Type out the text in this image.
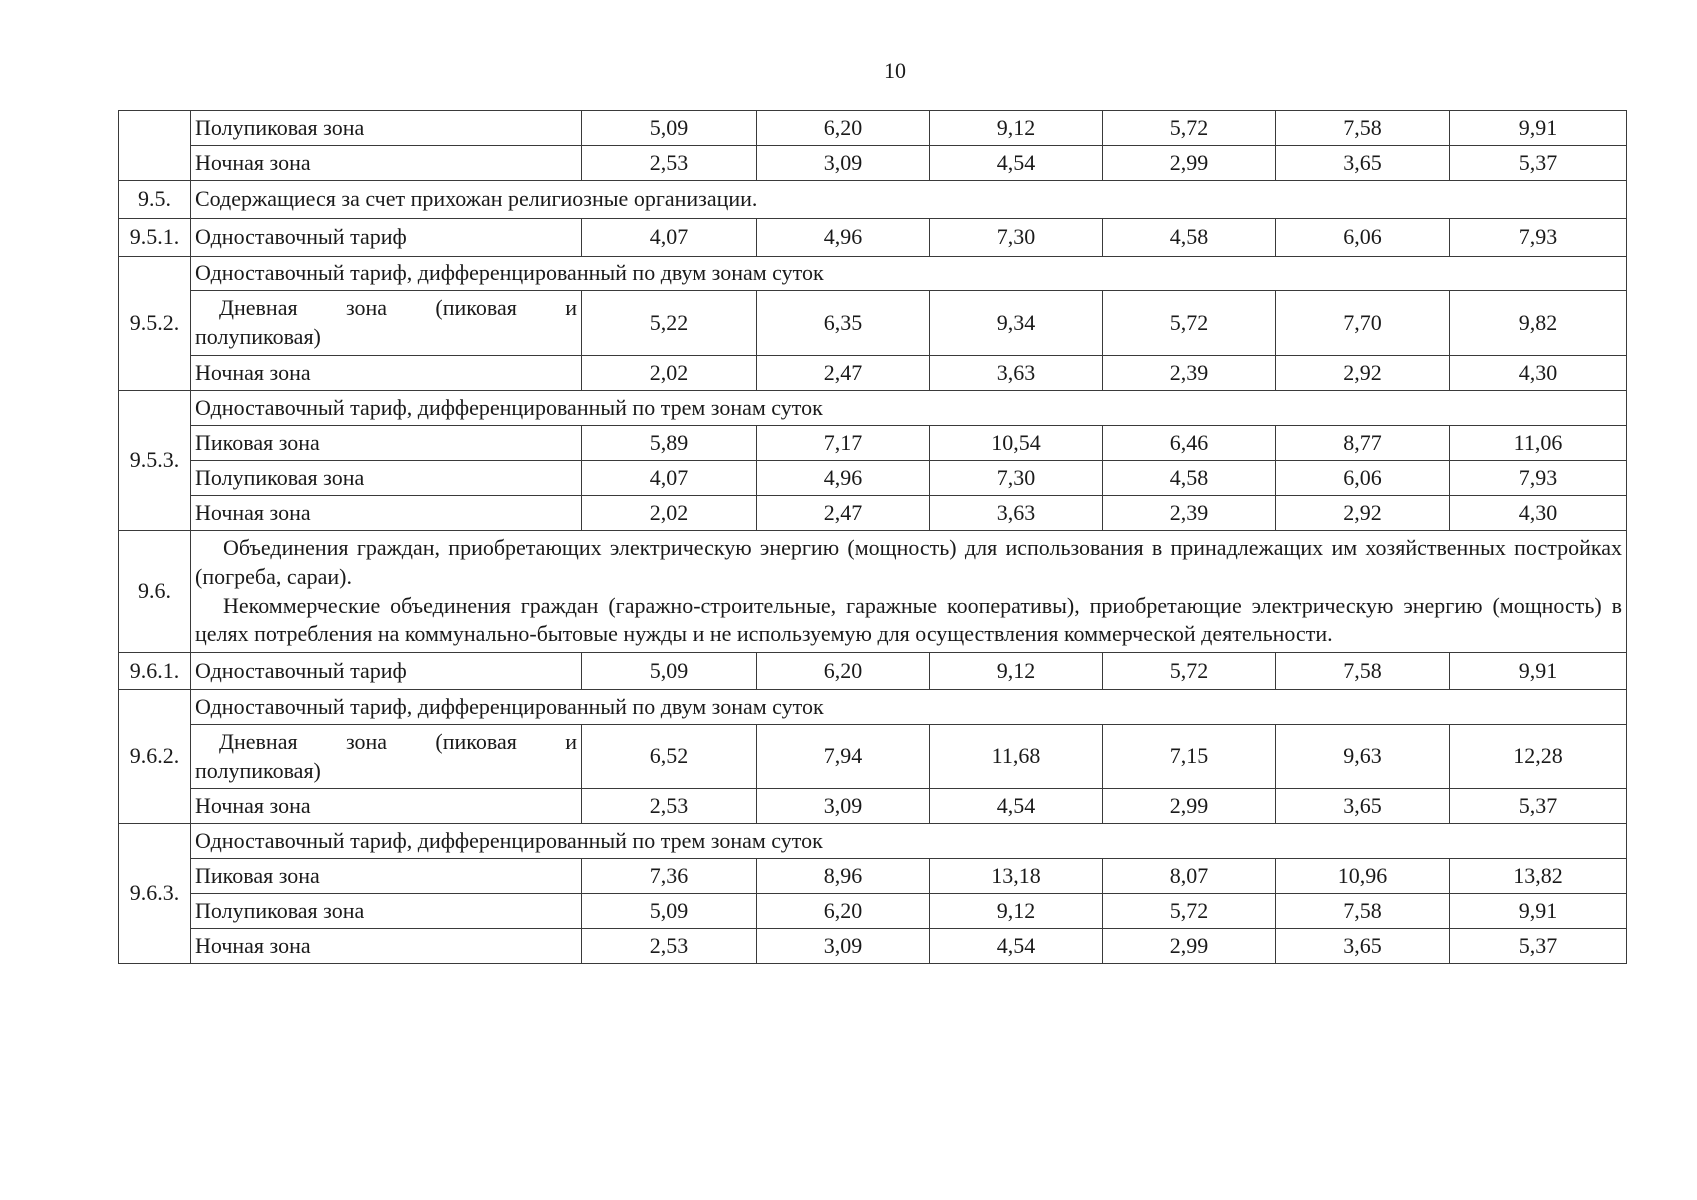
10
	Полупиковая зона	5,09	6,20	9,12	5,72	7,58	9,91
	Ночная зона	2,53	3,09	4,54	2,99	3,65	5,37
9.5.	Содержащиеся за счет прихожан религиозные организации.						
9.5.1.	Одноставочный тариф	4,07	4,96	7,30	4,58	6,06	7,93
9.5.2.	Одноставочный тариф, дифференцированный по двум зонам суток						

	Дневная зона (пиковая и
полупиковая)	5,22	6,35	9,34	5,72	7,70	9,82
	Ночная зона	2,02	2,47	3,63	2,39	2,92	4,30
9.5.3.	Одноставочный тариф, дифференцированный по трем зонам суток						
	Пиковая зона	5,89	7,17	10,54	6,46	8,77	11,06
	Полупиковая зона	4,07	4,96	7,30	4,58	6,06	7,93
	Ночная зона	2,02	2,47	3,63	2,39	2,92	4,30
9.6.	Объединения граждан, приобретающих электрическую энергию (мощность) для использования в принадлежащих им хозяйственных постройках (погреба, сараи).

Некоммерческие объединения граждан (гаражно-строительные, гаражные кооперативы), приобретающие электрическую энергию (мощность) в целях потребления на коммунально-бытовые нужды и не используемую для осуществления коммерческой деятельности.						

9.6.1.	Одноставочный тариф	5,09	6,20	9,12	5,72	7,58	9,91
9.6.2.	Одноставочный тариф, дифференцированный по двум зонам суток						

	Дневная зона (пиковая и
полупиковая)	6,52	7,94	11,68	7,15	9,63	12,28
	Ночная зона	2,53	3,09	4,54	2,99	3,65	5,37
9.6.3.	Одноставочный тариф, дифференцированный по трем зонам суток						
	Пиковая зона	7,36	8,96	13,18	8,07	10,96	13,82
	Полупиковая зона	5,09	6,20	9,12	5,72	7,58	9,91
	Ночная зона	2,53	3,09	4,54	2,99	3,65	5,37
